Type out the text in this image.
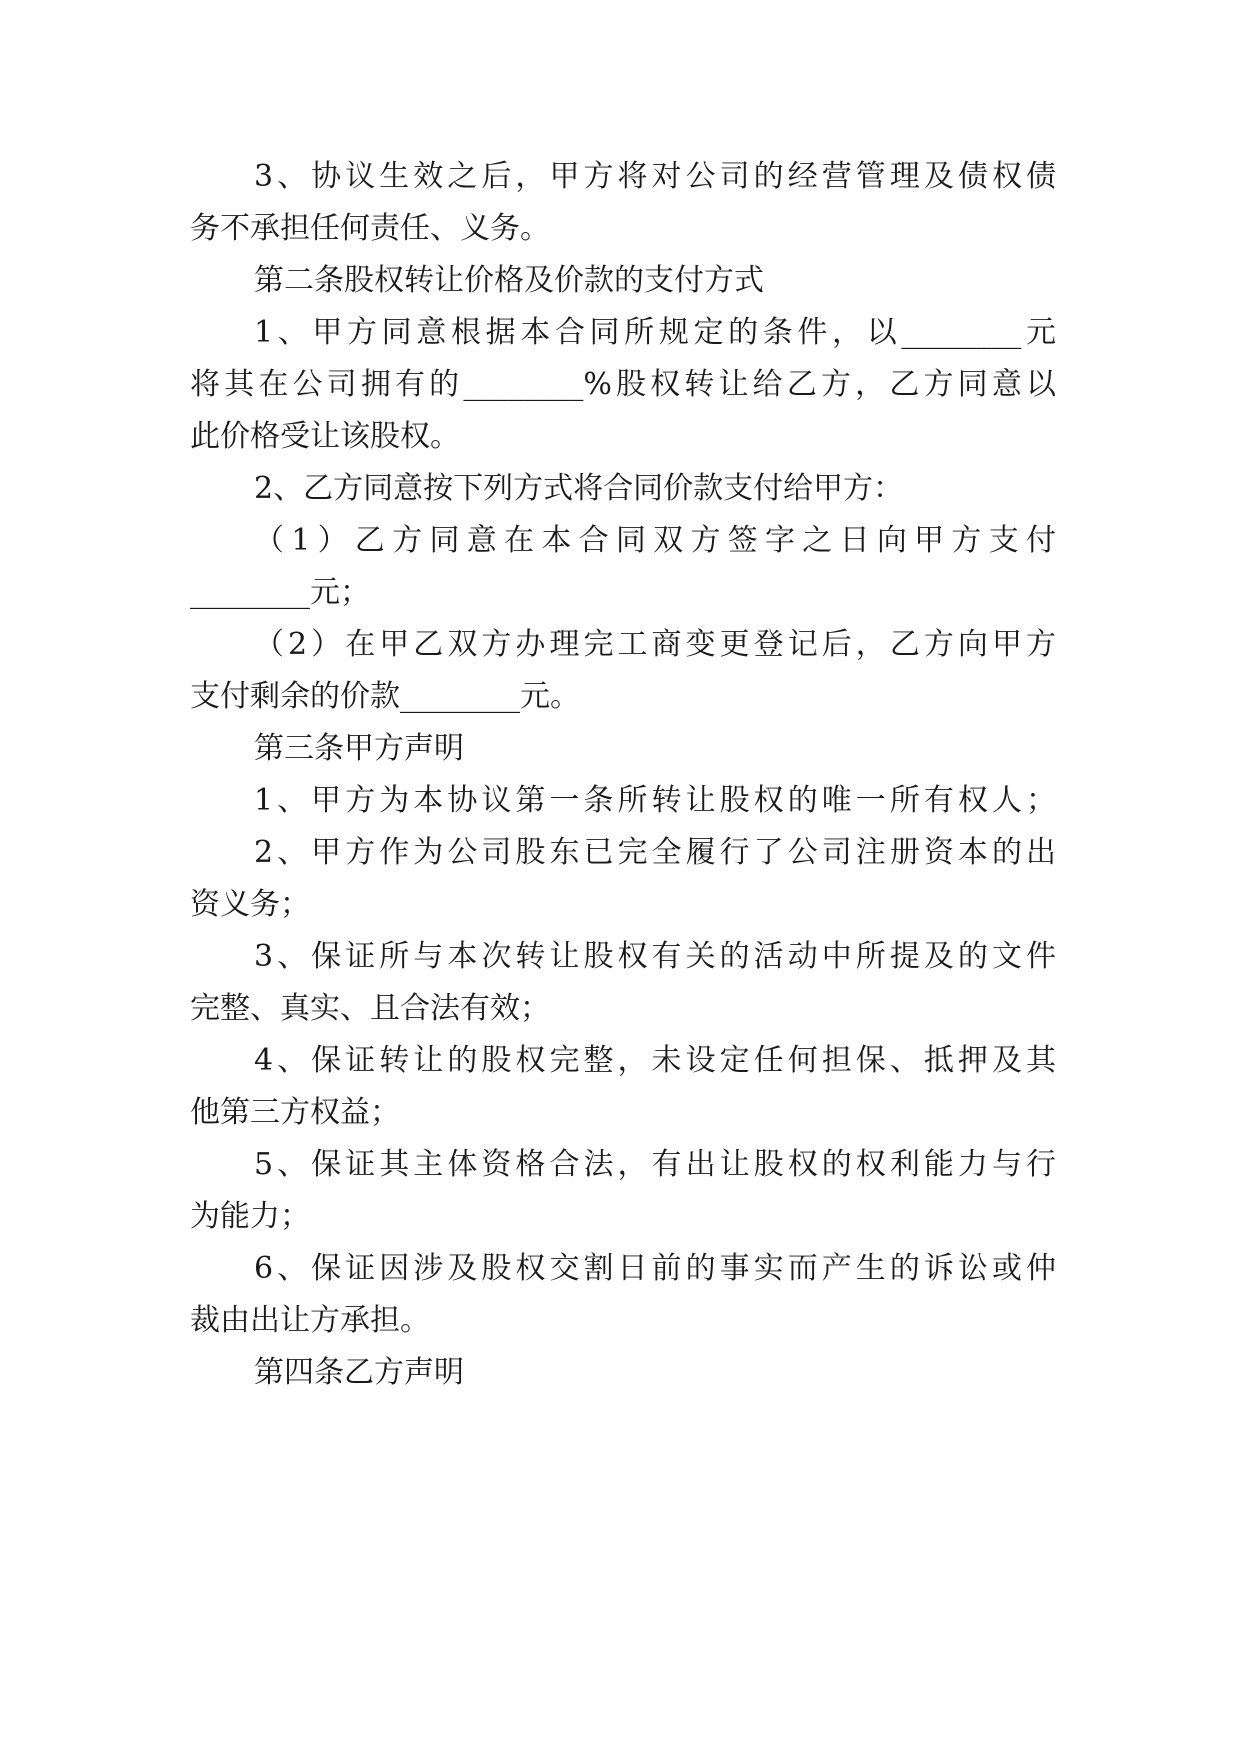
3、协议生效之后，甲方将对公司的经营管理及债权债
务不承担任何责任、义务。
第二条股权转让价格及价款的支付方式
1、甲方同意根据本合同所规定的条件，以________元
将其在公司拥有的________%股权转让给乙方，乙方同意以
此价格受让该股权。
2、乙方同意按下列方式将合同价款支付给甲方：
（1）乙方同意在本合同双方签字之日向甲方支付
________元；
（2）在甲乙双方办理完工商变更登记后，乙方向甲方
支付剩余的价款________元。
第三条甲方声明
1、甲方为本协议第一条所转让股权的唯一所有权人；
2、甲方作为公司股东已完全履行了公司注册资本的出
资义务；
3、保证所与本次转让股权有关的活动中所提及的文件
完整、真实、且合法有效；
4、保证转让的股权完整，未设定任何担保、抵押及其
他第三方权益；
5、保证其主体资格合法，有出让股权的权利能力与行
为能力；
6、保证因涉及股权交割日前的事实而产生的诉讼或仲
裁由出让方承担。
第四条乙方声明
